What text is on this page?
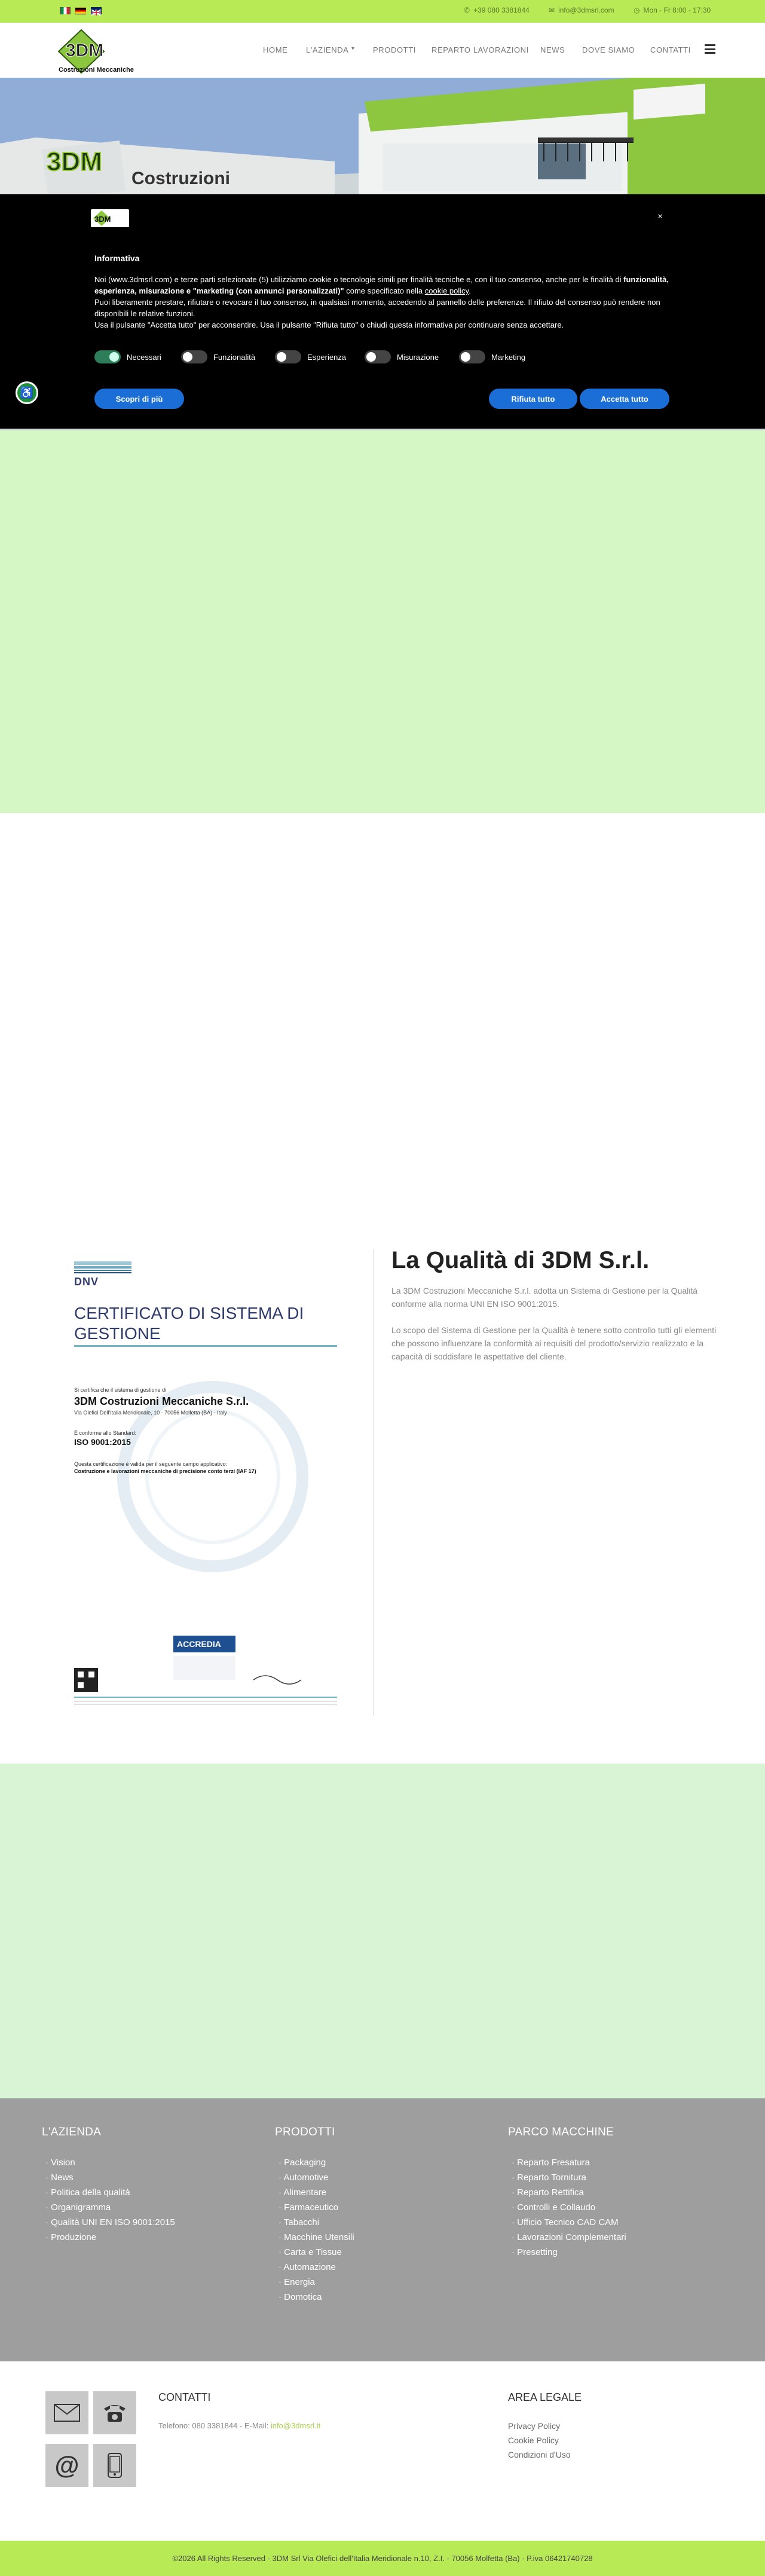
✆ +39 080 3381844	✉ info@3dmsrl.com	◷ Mon - Fr 8:00 - 17:30
3DM
Costruzioni Meccaniche
HOME L'AZIENDA ▾ PRODOTTI REPARTO LAVORAZIONI NEWS DOVE SIAMO CONTATTI
3DM
Costruzioni
3DM	×
Informativa

Noi (www.3dmsrl.com) e terze parti selezionate (5) utilizziamo cookie o tecnologie simili per finalità tecniche e, con il tuo consenso, anche per le finalità di funzionalità, esperienza, misurazione e "marketing (con annunci personalizzati)" come specificato nella cookie policy.

Puoi liberamente prestare, rifiutare o revocare il tuo consenso, in qualsiasi momento, accedendo al pannello delle preferenze. Il rifiuto del consenso può rendere non disponibili le relative funzioni.

Usa il pulsante "Accetta tutto" per acconsentire. Usa il pulsante "Rifiuta tutto" o chiudi questa informativa per continuare senza accettare.

Necessari	Funzionalità	Esperienza	Misurazione	Marketing
Scopri di più	Rifiuta tutto	Accetta tutto
♿
DNV
CERTIFICATO DI SISTEMA DI GESTIONE
Si certifica che il sistema di gestione di
3DM Costruzioni Meccaniche S.r.l.
Via Olefici Dell'Italia Meridionale, 10 - 70056 Molfetta (BA) - Italy
È conforme allo Standard:
ISO 9001:2015
Questa certificazione è valida per il seguente campo applicativo:
Costruzione e lavorazioni meccaniche di precisione conto terzi (IAF 17)
ACCREDIA
La Qualità di 3DM S.r.l.
La 3DM Costruzioni Meccaniche S.r.l. adotta un Sistema di Gestione per la Qualità conforme alla norma UNI EN ISO 9001:2015.
Lo scopo del Sistema di Gestione per la Qualità è tenere sotto controllo tutti gli elementi che possono influenzare la conformità ai requisiti del prodotto/servizio realizzato e la capacità di soddisfare le aspettative del cliente.
L'AZIENDA
· Vision
· News
· Politica della qualità
· Organigramma
· Qualità UNI EN ISO 9001:2015
· Produzione
PRODOTTI
· Packaging
· Automotive
· Alimentare
· Farmaceutico
· Tabacchi
· Macchine Utensili
· Carta e Tissue
· Automazione
· Energia
· Domotica
PARCO MACCHINE
· Reparto Fresatura
· Reparto Tornitura
· Reparto Rettifica
· Controlli e Collaudo
· Ufficio Tecnico CAD CAM
· Lavorazioni Complementari
· Presetting
@
CONTATTI
Telefono: 080 3381844 - E-Mail: info@3dmsrl.it
AREA LEGALE
Privacy Policy
Cookie Policy
Condizioni d'Uso
©2026 All Rights Reserved - 3DM Srl Via Olefici dell'Italia Meridionale n.10, Z.I. - 70056 Molfetta (Ba) - P.iva 06421740728
